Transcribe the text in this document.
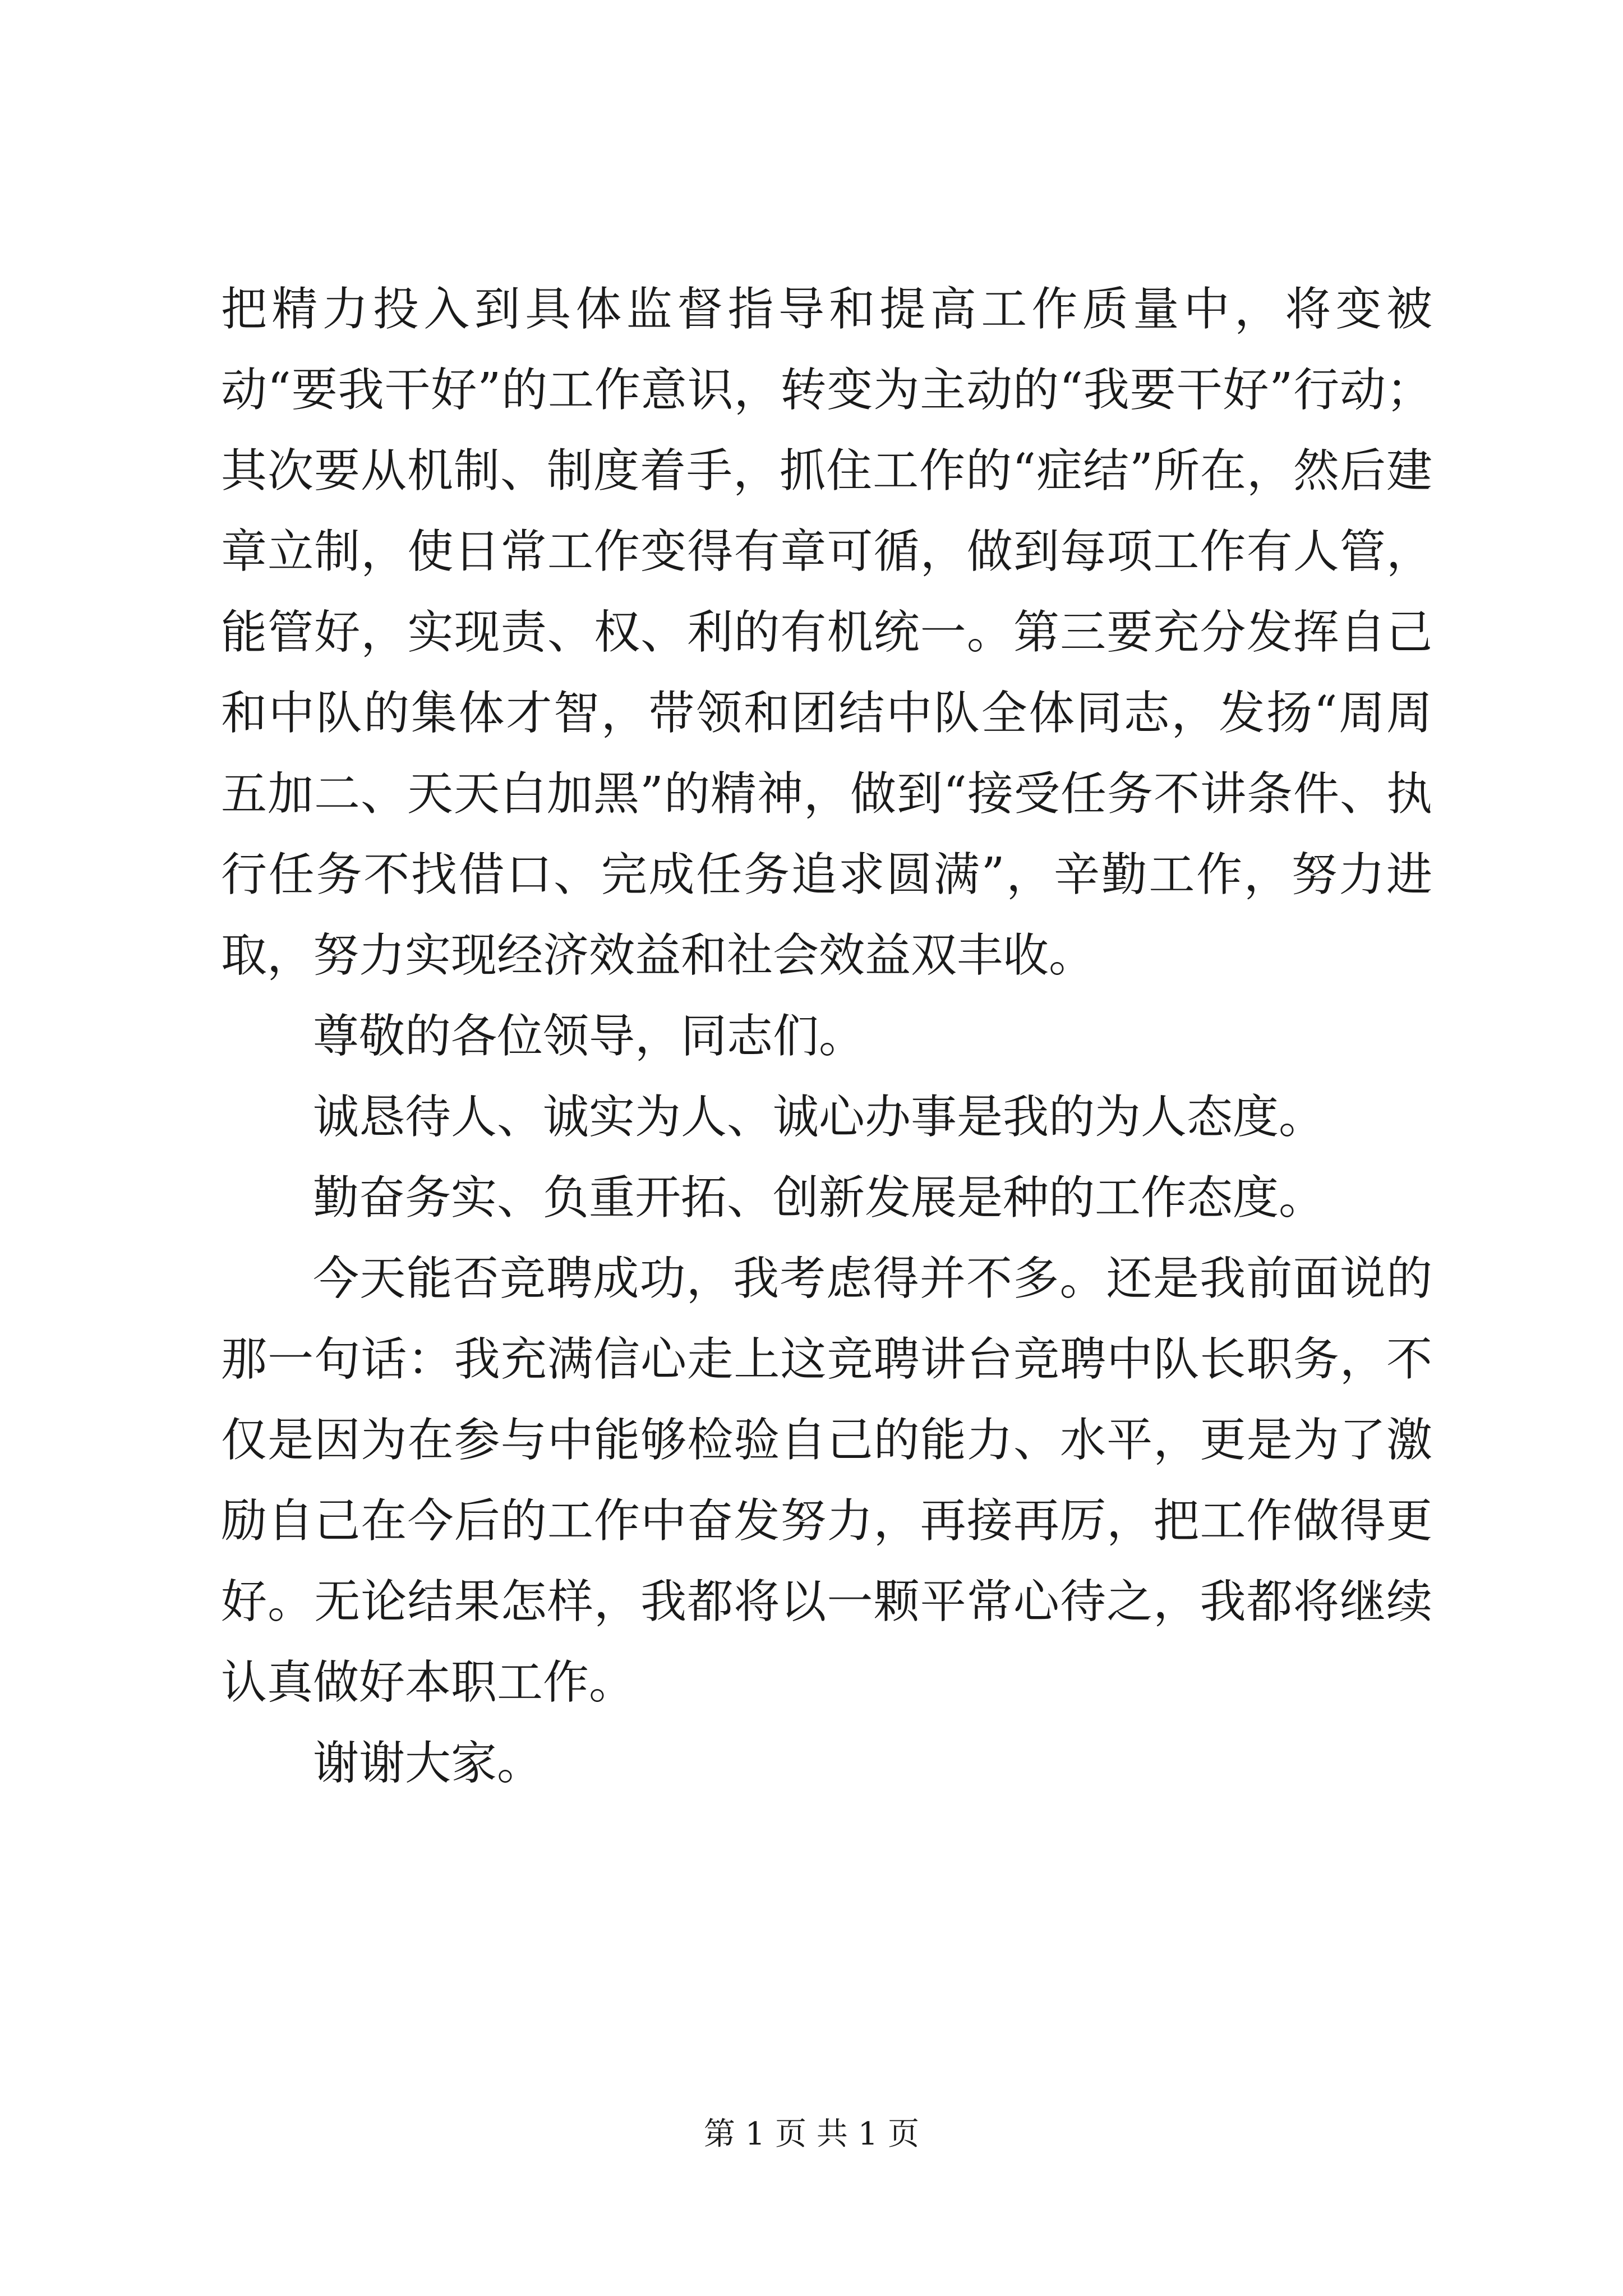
把精力投入到具体监督指导和提高工作质量中，将变被动“要我干好”的工作意识，转变为主动的“我要干好”行动；其次要从机制、制度着手，抓住工作的“症结”所在，然后建章立制，使日常工作变得有章可循，做到每项工作有人管，能管好，实现责、权、利的有机统一。第三要充分发挥自己和中队的集体才智，带领和团结中队全体同志，发扬“周周五加二、天天白加黑”的精神，做到“接受任务不讲条件、执行任务不找借口、完成任务追求圆满”，辛勤工作，努力进取，努力实现经济效益和社会效益双丰收。

尊敬的各位领导，同志们。

诚恳待人、诚实为人、诚心办事是我的为人态度。

勤奋务实、负重开拓、创新发展是种的工作态度。

今天能否竞聘成功，我考虑得并不多。还是我前面说的那一句话：我充满信心走上这竞聘讲台竞聘中队长职务，不仅是因为在参与中能够检验自己的能力、水平，更是为了激励自己在今后的工作中奋发努力，再接再厉，把工作做得更好。无论结果怎样，我都将以一颗平常心待之，我都将继续认真做好本职工作。

谢谢大家。

第 1 页 共 1 页
